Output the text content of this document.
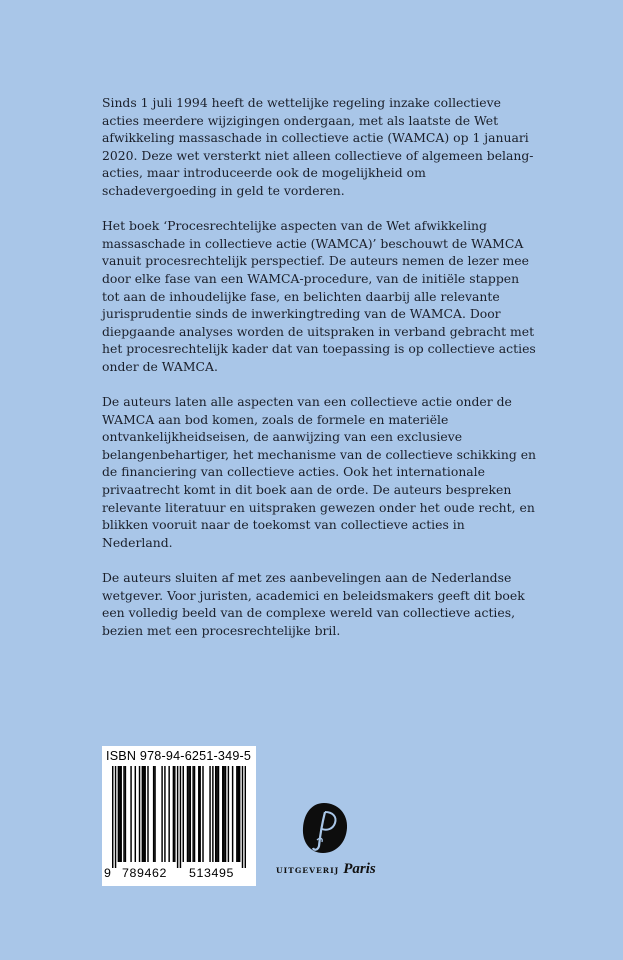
Sinds 1 juli 1994 heeft de wettelijke regeling inzake collectieve acties meerdere wijzigingen ondergaan, met als laatste de Wet afwikkeling massaschade in collectieve actie (WAMCA) op 1 januari 2020. Deze wet versterkt niet alleen collectieve of algemeen belang-acties, maar introduceerde ook de mogelijkheid om schadevergoeding in geld te vorderen.

Het boek ‘Procesrechtelijke aspecten van de Wet afwikkeling massaschade in collectieve actie (WAMCA)’ beschouwt de WAMCA vanuit procesrechtelijk perspectief. De auteurs nemen de lezer mee door elke fase van een WAMCA-procedure, van de initiële stappen tot aan de inhoudelijke fase, en belichten daarbij alle relevante jurisprudentie sinds de inwerkingtreding van de WAMCA. Door diepgaande analyses worden de uitspraken in verband gebracht met het procesrechtelijk kader dat van toepassing is op collectieve acties onder de WAMCA.

De auteurs laten alle aspecten van een collectieve actie onder de WAMCA aan bod komen, zoals de formele en materiële ontvankelijkheidseisen, de aanwijzing van een exclusieve belangenbehartiger, het mechanisme van de collectieve schikking en de financiering van collectieve acties. Ook het internationale privaatrecht komt in dit boek aan de orde. De auteurs bespreken relevante literatuur en uitspraken gewezen onder het oude recht, en blikken vooruit naar de toekomst van collectieve acties in Nederland.

De auteurs sluiten af met zes aanbevelingen aan de Nederlandse wetgever. Voor juristen, academici en beleidsmakers geeft dit boek een volledig beeld van de complexe wereld van collectieve acties, bezien met een procesrechtelijke bril.

ISBN 978-94-6251-349-5
9 789462 513495	UITGEVERIJ Paris
